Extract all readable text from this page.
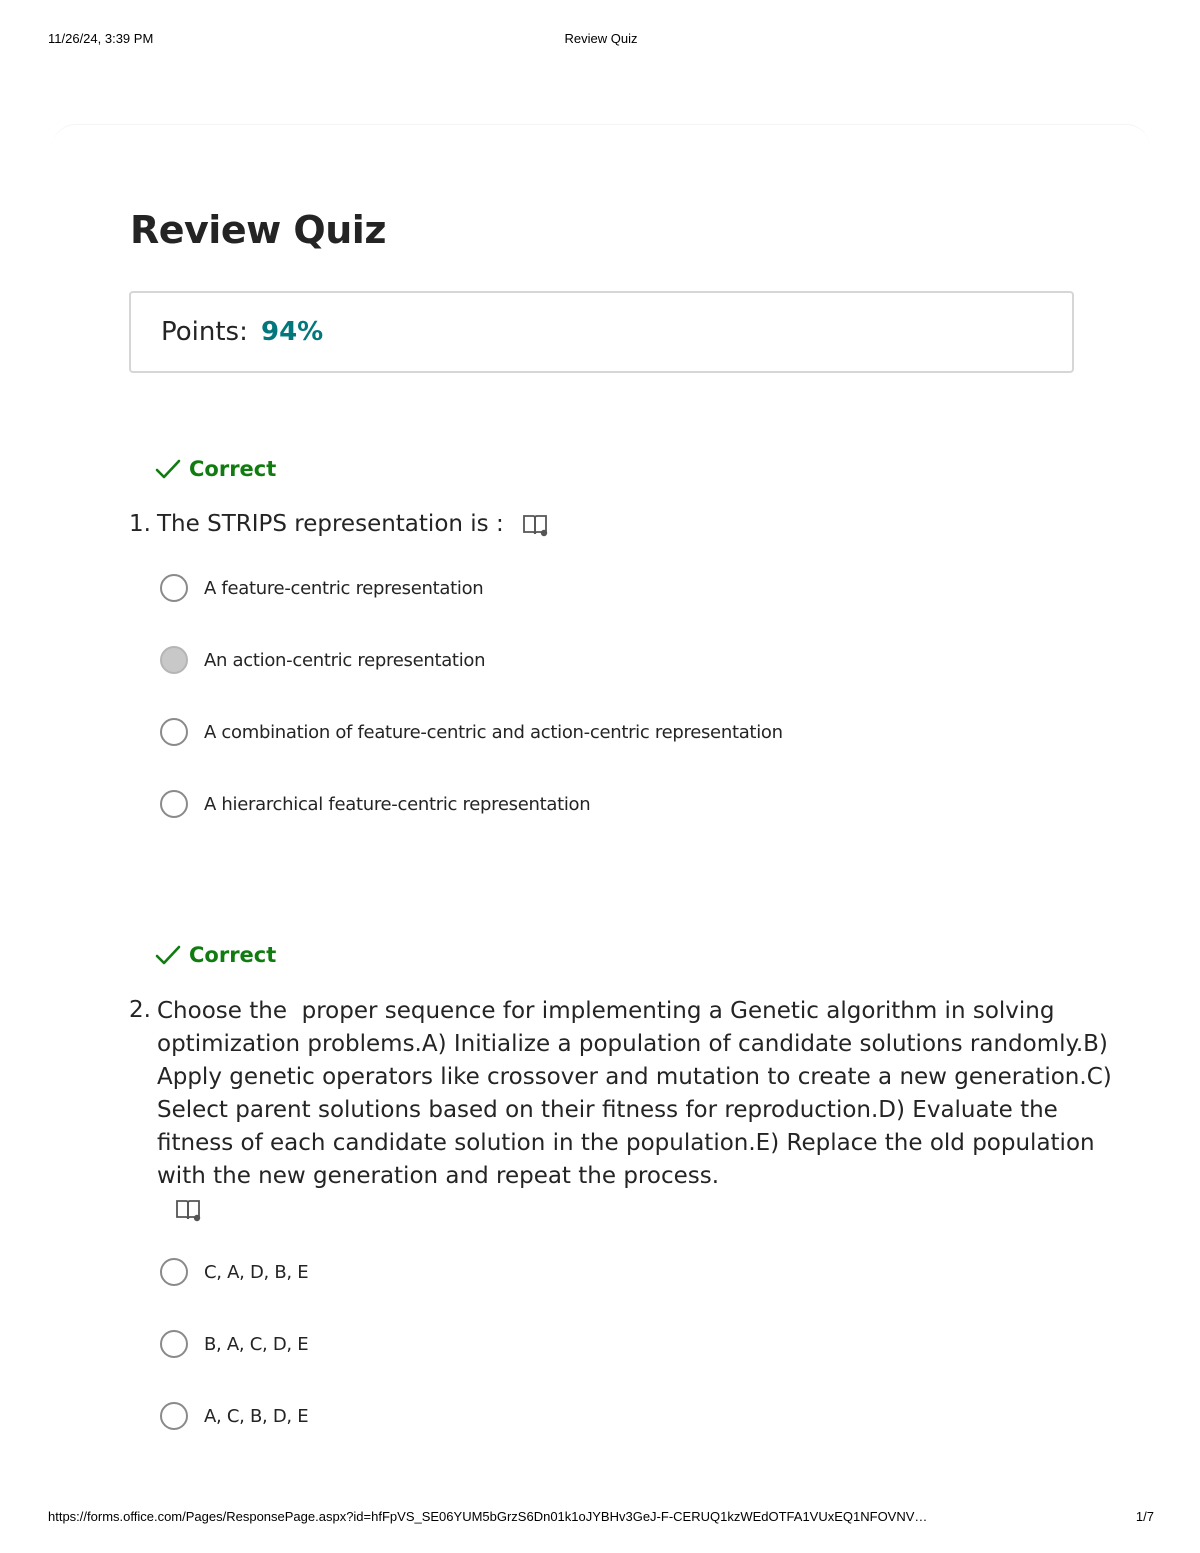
11/26/24, 3:39 PM	Review Quiz
Review Quiz
Points: 94%
Correct
1. The STRIPS representation is :

A feature-centric representation
An action-centric representation
A combination of feature-centric and action-centric representation
A hierarchical feature-centric representation
Correct
2. Choose the  proper sequence for implementing a Genetic algorithm in solving
optimization problems.A) Initialize a population of candidate solutions randomly.B)
Apply genetic operators like crossover and mutation to create a new generation.C)
Select parent solutions based on their fitness for reproduction.D) Evaluate the
fitness of each candidate solution in the population.E) Replace the old population
with the new generation and repeat the process.
C, A, D, B, E
B, A, C, D, E
A, C, B, D, E
https://forms.office.com/Pages/ResponsePage.aspx?id=hfFpVS_SE06YUM5bGrzS6Dn01k1oJYBHv3GeJ-F-CERUQ1kzWEdOTFA1VUxEQ1NFOVNV…	1/7
